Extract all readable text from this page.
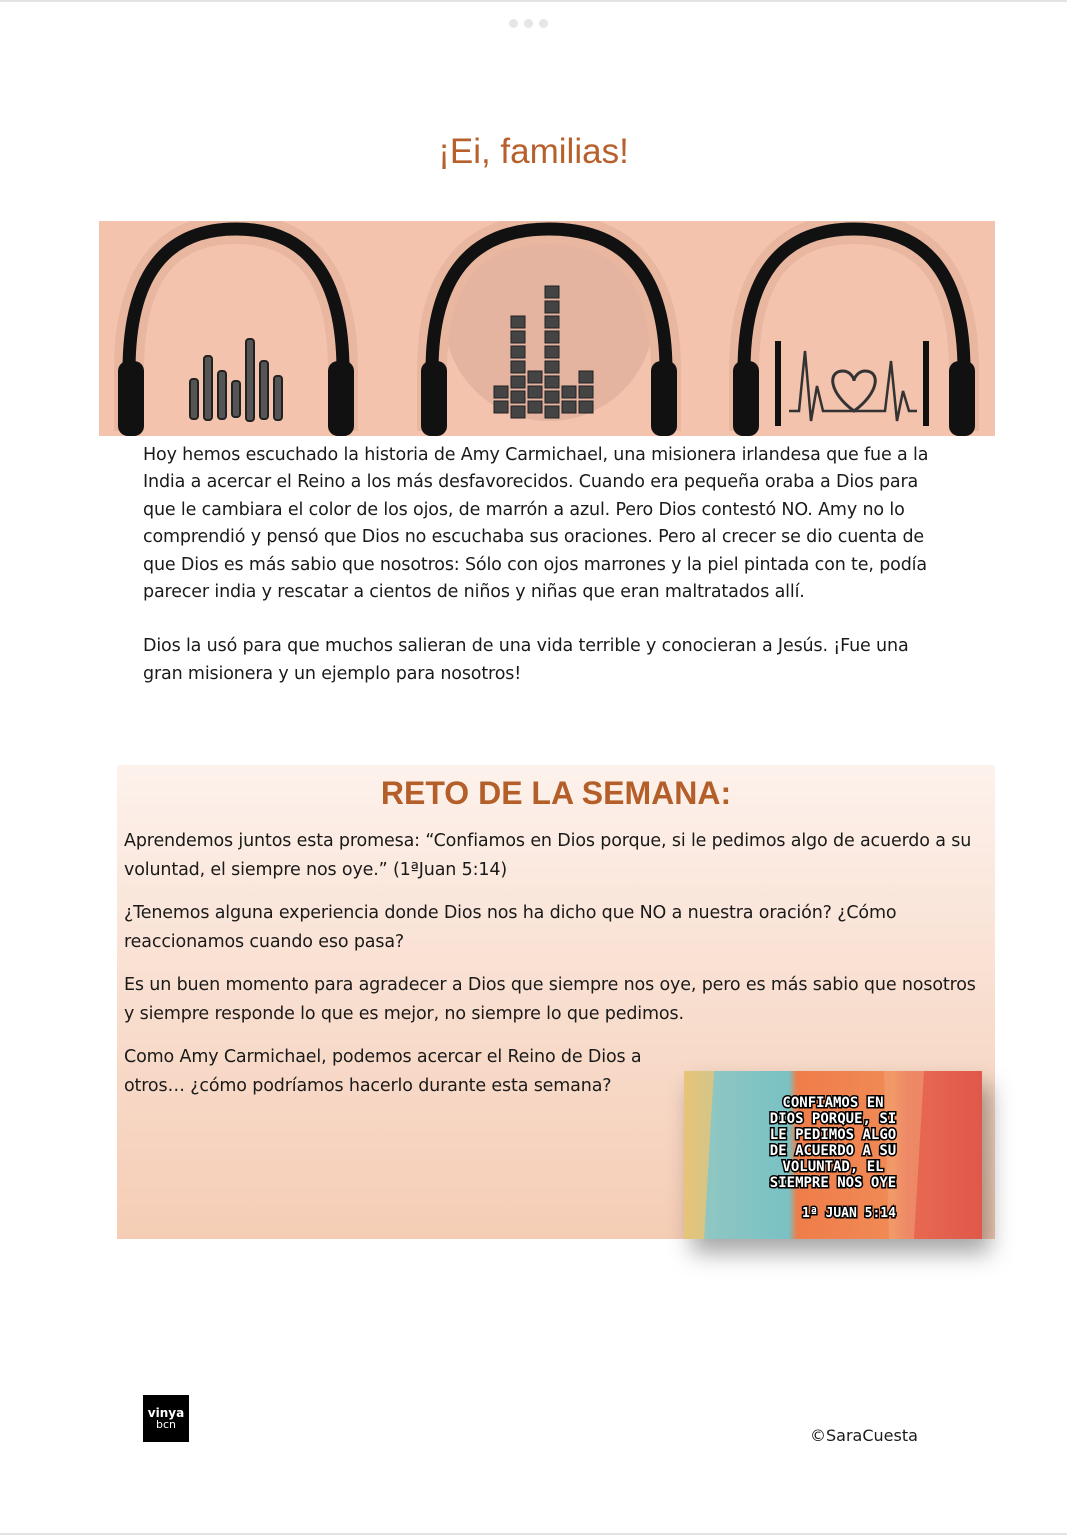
¡Ei, familias!

Hoy hemos escuchado la historia de Amy Carmichael, una misionera irlandesa que fue a la India a acercar el Reino a los más desfavorecidos. Cuando era pequeña oraba a Dios para que le cambiara el color de los ojos, de marrón a azul. Pero Dios contestó NO. Amy no lo comprendió y pensó que Dios no escuchaba sus oraciones. Pero al crecer se dio cuenta de que Dios es más sabio que nosotros: Sólo con ojos marrones y la piel pintada con te, podía parecer india y rescatar a cientos de niños y niñas que eran maltratados allí.

Dios la usó para que muchos salieran de una vida terrible y conocieran a Jesús. ¡Fue una gran misionera y un ejemplo para nosotros!

RETO DE LA SEMANA:

Aprendemos juntos esta promesa: “Confiamos en Dios porque, si le pedimos algo de acuerdo a su voluntad, el siempre nos oye.” (1ªJuan 5:14)

¿Tenemos alguna experiencia donde Dios nos ha dicho que NO a nuestra oración? ¿Cómo reaccionamos cuando eso pasa?

Es un buen momento para agradecer a Dios que siempre nos oye, pero es más sabio que nosotros y siempre responde lo que es mejor, no siempre lo que pedimos.

Como Amy Carmichael, podemos acercar el Reino de Dios a otros… ¿cómo podríamos hacerlo durante esta semana?

CONFIAMOS EN
DIOS PORQUE, SI
LE PEDIMOS ALGO
DE ACUERDO A SU
VOLUNTAD, EL
SIEMPRE NOS OYE
1ª JUAN 5:14
vinya
bcn
©SaraCuesta
